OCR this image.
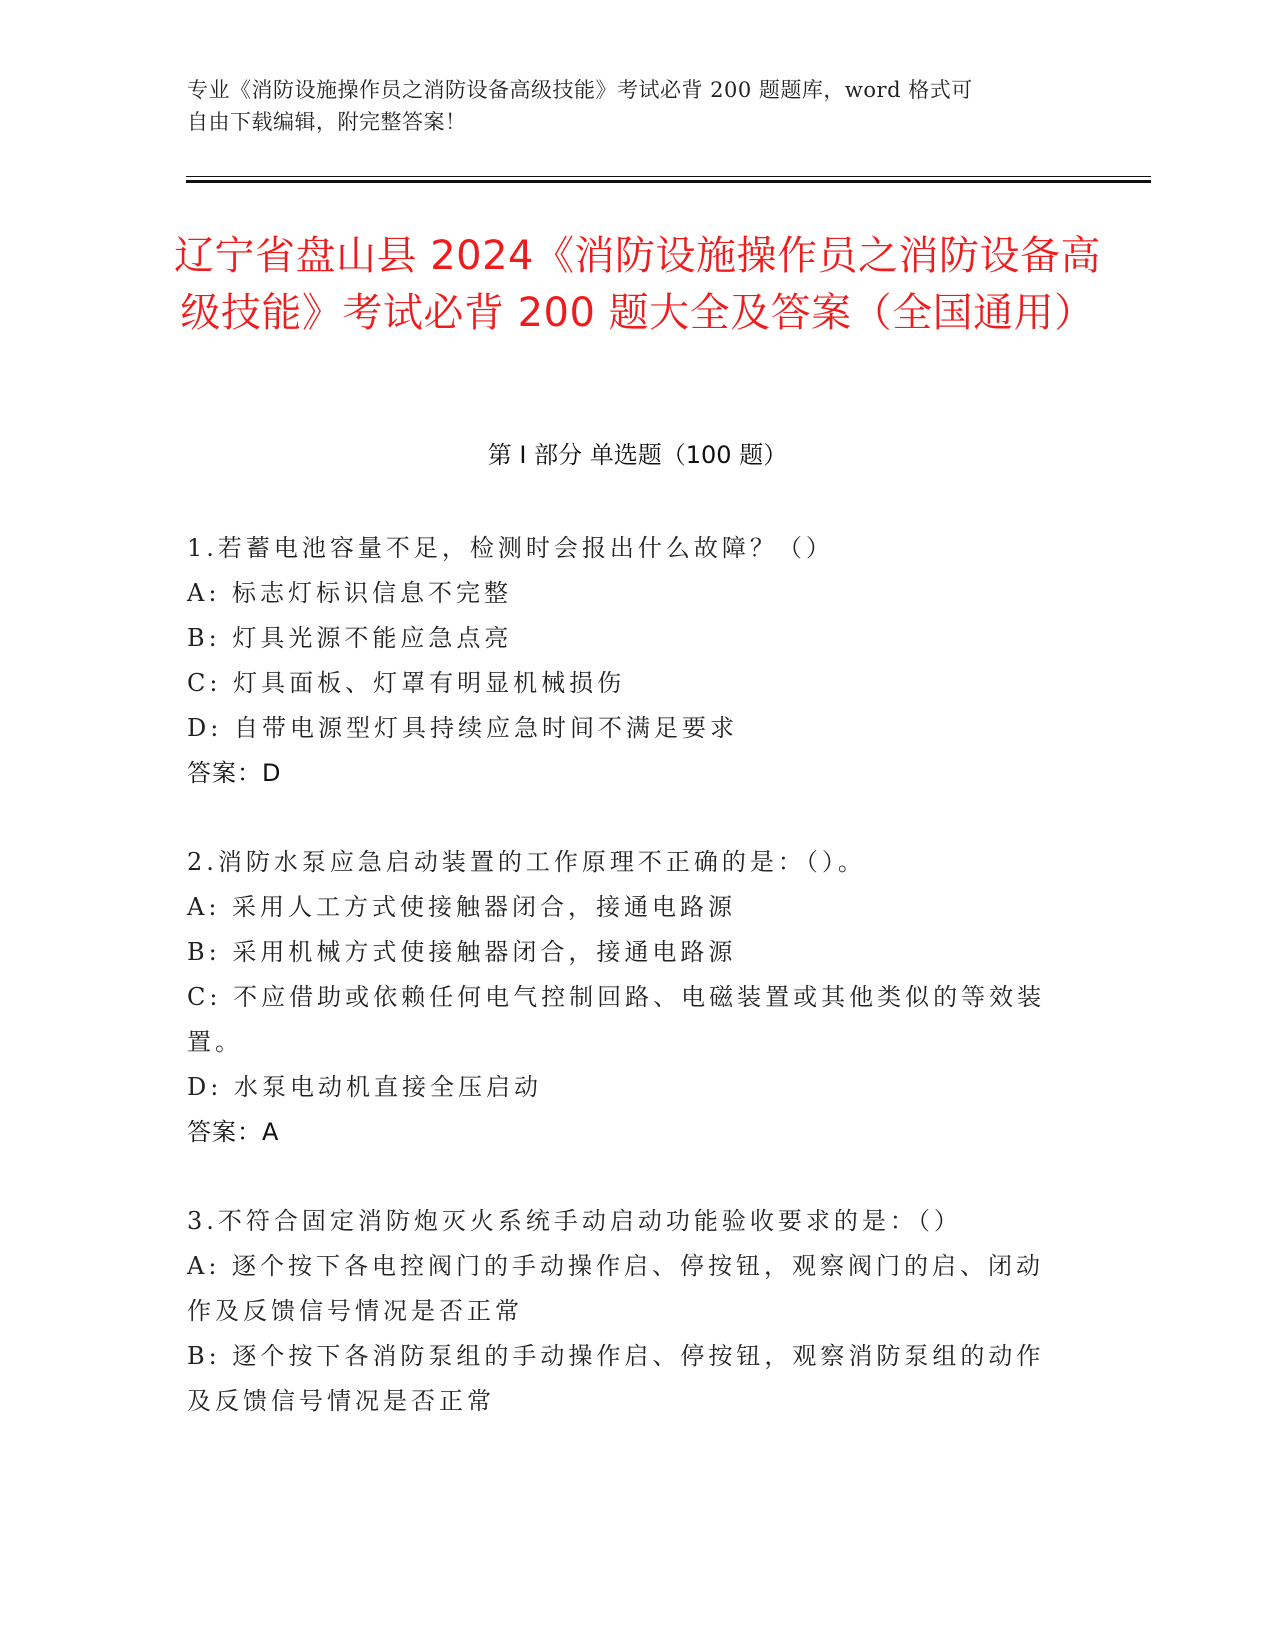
专业《消防设施操作员之消防设备高级技能》考试必背 200 题题库，word 格式可
自由下载编辑，附完整答案！
辽宁省盘山县 2024《消防设施操作员之消防设备高级技能》考试必背 200 题大全及答案（全国通用）
第 I 部分 单选题（100 题）
1.若蓄电池容量不足，检测时会报出什么故障？（）
A: 标志灯标识信息不完整
B: 灯具光源不能应急点亮
C: 灯具面板、灯罩有明显机械损伤
D: 自带电源型灯具持续应急时间不满足要求
答案：D
2.消防水泵应急启动装置的工作原理不正确的是：（）。
A: 采用人工方式使接触器闭合，接通电路源
B: 采用机械方式使接触器闭合，接通电路源
C: 不应借助或依赖任何电气控制回路、电磁装置或其他类似的等效装置。
D: 水泵电动机直接全压启动
答案：A
3.不符合固定消防炮灭火系统手动启动功能验收要求的是：（）
A: 逐个按下各电控阀门的手动操作启、停按钮，观察阀门的启、闭动作及反馈信号情况是否正常
B: 逐个按下各消防泵组的手动操作启、停按钮，观察消防泵组的动作及反馈信号情况是否正常
